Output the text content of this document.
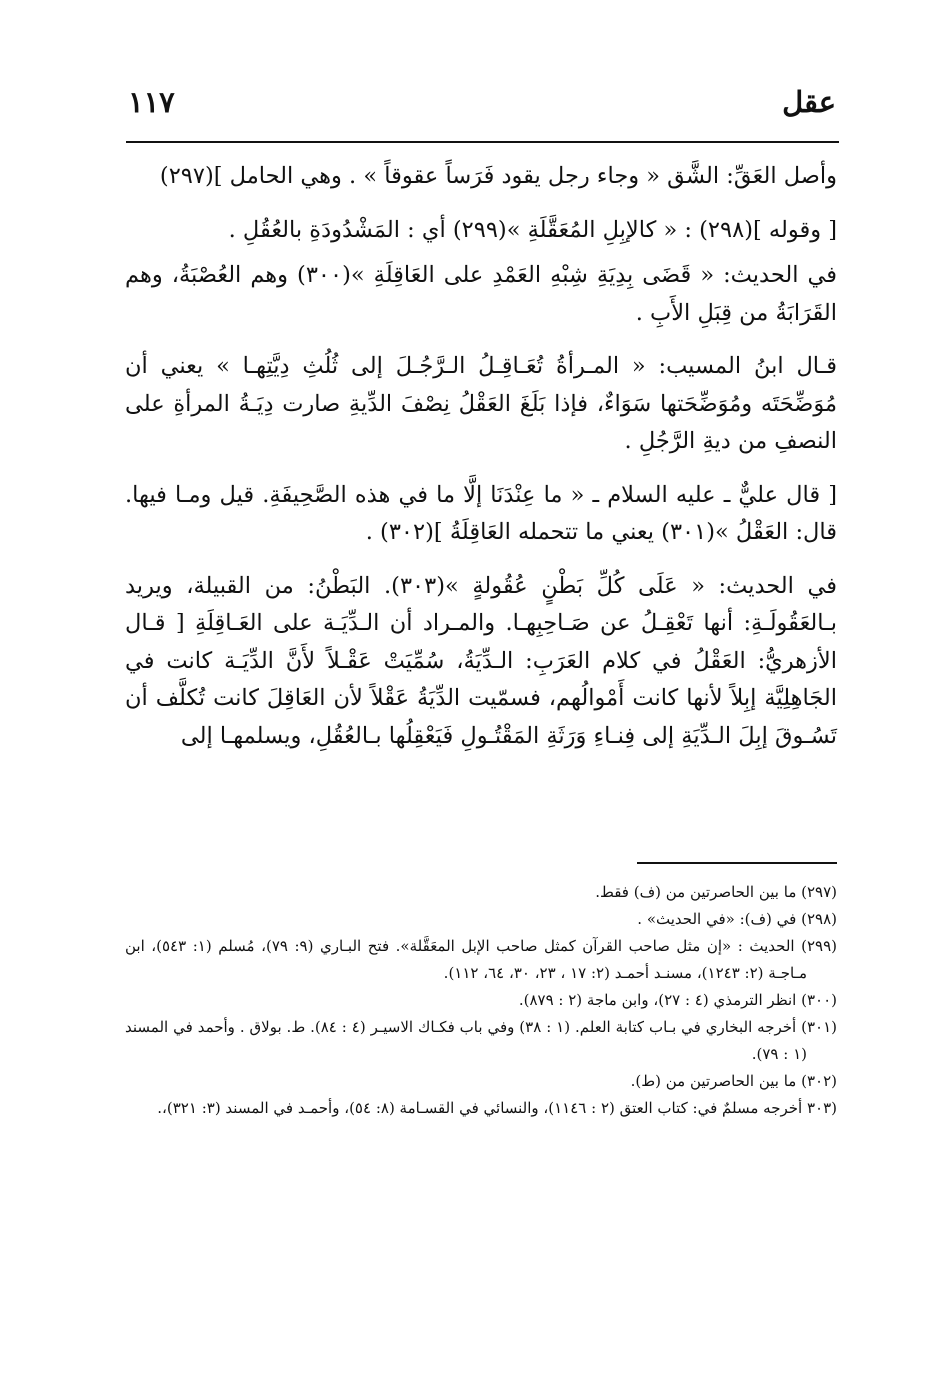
عقل
١١٧

وأصل العَقِّ: الشَّق « وجاء رجل يقود فَرَساً عقوقاً » . وهي الحامل ](٢٩٧)

[ وقوله ](٢٩٨) : « كالإبِلِ المُعَقَّلَةِ »(٢٩٩) أي : المَشْدُودَةِ بالعُقُلِ .

في الحديث: « قَضَى بِدِيَةِ شِبْهِ العَمْدِ على العَاقِلَةِ »(٣٠٠) وهم العُصْبَةُ، وهم القَرَابَةُ من قِبَلِ الأَبِ .

قـال ابنُ المسيب: « المـرأةُ تُعَـاقِـلُ الـرَّجُـلَ إلى ثُلُثِ دِيَّتِهـا » يعني أن مُوَضِّحَتَه ومُوَضِّحَتها سَوَاءٌ، فإذا بَلَغَ العَقْلُ نِصْفَ الدِّيةِ صارت دِيَـةُ المرأةِ على النصفِ من ديةِ الرَّجُلِ .

[ قال عليٌّ ـ عليه السلام ـ « ما عِنْدَنَا إلَّا ما في هذه الصَّحِيفَةِ. قيل ومـا فيها. قال: العَقْلُ »(٣٠١) يعني ما تتحمله العَاقِلَةُ ](٣٠٢) .

في الحديث: « عَلَى كُلِّ بَطْنٍ عُقُولةٍ »(٣٠٣). البَطْنُ: من القبيلة، ويريد بـالعَقُولَـةِ: أنها تَعْقِـلُ عن صَـاحِبِهـا. والمـراد أن الـدِّيَـة على العَـاقِلَةِ [ قـال الأزهريُّ: العَقْلُ في كلام العَرَبِ: الـدِّيَةُ، سُمِّيَتْ عَقْـلاً لأَنَّ الدِّيَـة كانت في الجَاهِلِيَّة إبِلاً لأنها كانت أَمْوالُهم، فسمّيت الدِّيَةُ عَقْلاً لأن العَاقِلَ كانت تُكلَّف أن تَسُـوقَ إبِلَ الـدِّيَةِ إلى فِنـاءِ وَرَثَةِ المَقْتُـولِ فَيَعْقِلُها بـالعُقُلِ، ويسلمهـا إلى

(٢٩٧) ما بين الحاصرتين من (ف) فقط.
(٢٩٨) في (ف): «في الحديث» .
(٢٩٩) الحديث : «إن مثل صاحب القرآن كمثل صاحب الإبل المعَقَّلة». فتح البـاري (٩: ٧٩)، مُسلم (١: ٥٤٣)، ابن مـاجـة (٢: ١٢٤٣)، مسنـد أحمـد (٢: ١٧ ، ٢٣، ٣٠، ٦٤، ١١٢).
(٣٠٠) انظر الترمذي (٤ : ٢٧)، وابن ماجة (٢ : ٨٧٩).
(٣٠١) أخرجه البخاري في بـاب كتابة العلم. (١ : ٣٨) وفي باب فكـاك الاسيـر (٤ : ٨٤). ط. بولاق . وأحمد في المسند (١ : ٧٩).
(٣٠٢) ما بين الحاصرتين من (ط).
(٣٠٣ أخرجه مسلمٌ في: كتاب العتق (٢ : ١١٤٦)، والنسائي في القسـامة (٨: ٥٤)، وأحمـد في المسند (٣: ٣٢١)،.
